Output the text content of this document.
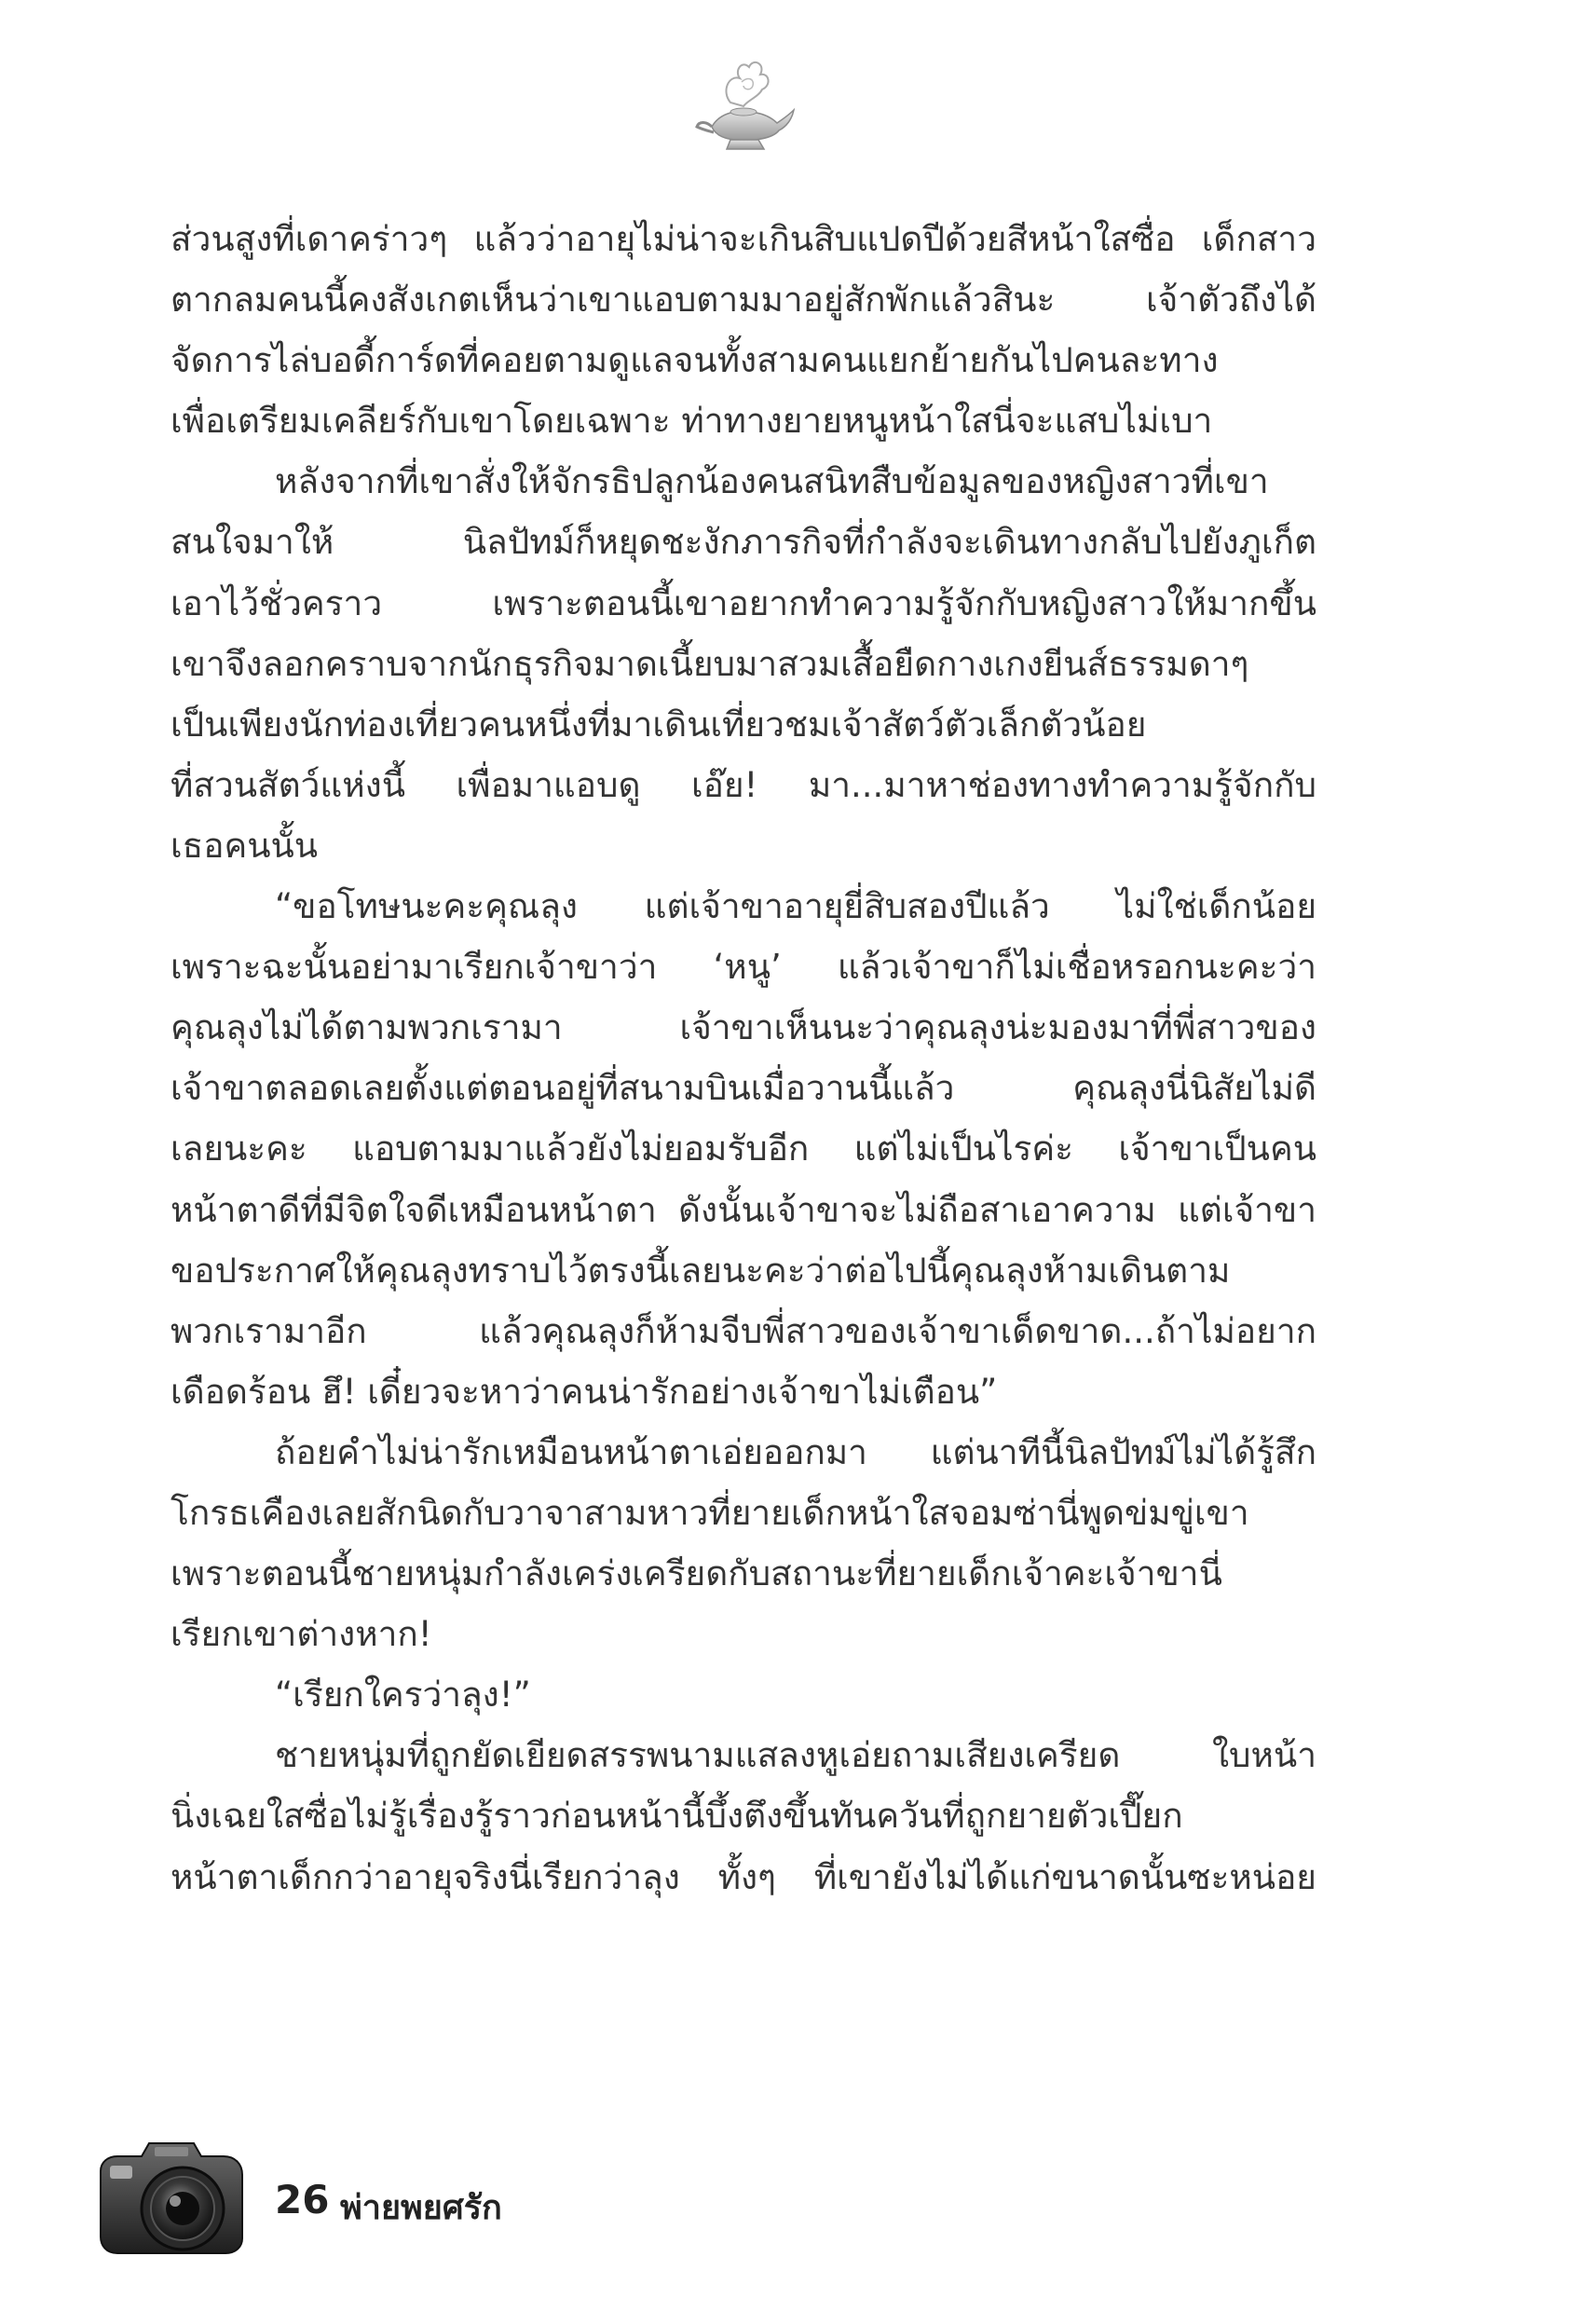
ส่วนสูงที่เดาคร่าวๆ แล้วว่าอายุไม่น่าจะเกินสิบแปดปีด้วยสีหน้าใสซื่อ เด็กสาว
ตากลมคนนี้คงสังเกตเห็นว่าเขาแอบตามมาอยู่สักพักแล้วสินะ เจ้าตัวถึงได้
จัดการไล่บอดี้การ์ดที่คอยตามดูแลจนทั้งสามคนแยกย้ายกันไปคนละทาง
เพื่อเตรียมเคลียร์กับเขาโดยเฉพาะ ท่าทางยายหนูหน้าใสนี่จะแสบไม่เบา
หลังจากที่เขาสั่งให้จักรธิปลูกน้องคนสนิทสืบข้อมูลของหญิงสาวที่เขา
สนใจมาให้ นิลปัทม์ก็หยุดชะงักภารกิจที่กำลังจะเดินทางกลับไปยังภูเก็ต
เอาไว้ชั่วคราว เพราะตอนนี้เขาอยากทำความรู้จักกับหญิงสาวให้มากขึ้น
เขาจึงลอกคราบจากนักธุรกิจมาดเนี้ยบมาสวมเสื้อยืดกางเกงยีนส์ธรรมดาๆ
เป็นเพียงนักท่องเที่ยวคนหนึ่งที่มาเดินเที่ยวชมเจ้าสัตว์ตัวเล็กตัวน้อย
ที่สวนสัตว์แห่งนี้ เพื่อมาแอบดู เอ๊ย! มา...มาหาช่องทางทำความรู้จักกับ
เธอคนนั้น
“ขอโทษนะคะคุณลุง แต่เจ้าขาอายุยี่สิบสองปีแล้ว ไม่ใช่เด็กน้อย
เพราะฉะนั้นอย่ามาเรียกเจ้าขาว่า ‘หนู’ แล้วเจ้าขาก็ไม่เชื่อหรอกนะคะว่า
คุณลุงไม่ได้ตามพวกเรามา เจ้าขาเห็นนะว่าคุณลุงน่ะมองมาที่พี่สาวของ
เจ้าขาตลอดเลยตั้งแต่ตอนอยู่ที่สนามบินเมื่อวานนี้แล้ว คุณลุงนี่นิสัยไม่ดี
เลยนะคะ แอบตามมาแล้วยังไม่ยอมรับอีก แต่ไม่เป็นไรค่ะ เจ้าขาเป็นคน
หน้าตาดีที่มีจิตใจดีเหมือนหน้าตา ดังนั้นเจ้าขาจะไม่ถือสาเอาความ แต่เจ้าขา
ขอประกาศให้คุณลุงทราบไว้ตรงนี้เลยนะคะว่าต่อไปนี้คุณลุงห้ามเดินตาม
พวกเรามาอีก แล้วคุณลุงก็ห้ามจีบพี่สาวของเจ้าขาเด็ดขาด...ถ้าไม่อยาก
เดือดร้อน ฮึ! เดี๋ยวจะหาว่าคนน่ารักอย่างเจ้าขาไม่เตือน”
ถ้อยคำไม่น่ารักเหมือนหน้าตาเอ่ยออกมา แต่นาทีนี้นิลปัทม์ไม่ได้รู้สึก
โกรธเคืองเลยสักนิดกับวาจาสามหาวที่ยายเด็กหน้าใสจอมซ่านี่พูดข่มขู่เขา
เพราะตอนนี้ชายหนุ่มกำลังเคร่งเครียดกับสถานะที่ยายเด็กเจ้าคะเจ้าขานี่
เรียกเขาต่างหาก!
“เรียกใครว่าลุง!”
ชายหนุ่มที่ถูกยัดเยียดสรรพนามแสลงหูเอ่ยถามเสียงเครียด ใบหน้า
นิ่งเฉยใสซื่อไม่รู้เรื่องรู้ราวก่อนหน้านี้บึ้งตึงขึ้นทันควันที่ถูกยายตัวเปี๊ยก
หน้าตาเด็กกว่าอายุจริงนี่เรียกว่าลุง ทั้งๆ ที่เขายังไม่ได้แก่ขนาดนั้นซะหน่อย
26 พ่ายพยศรัก
